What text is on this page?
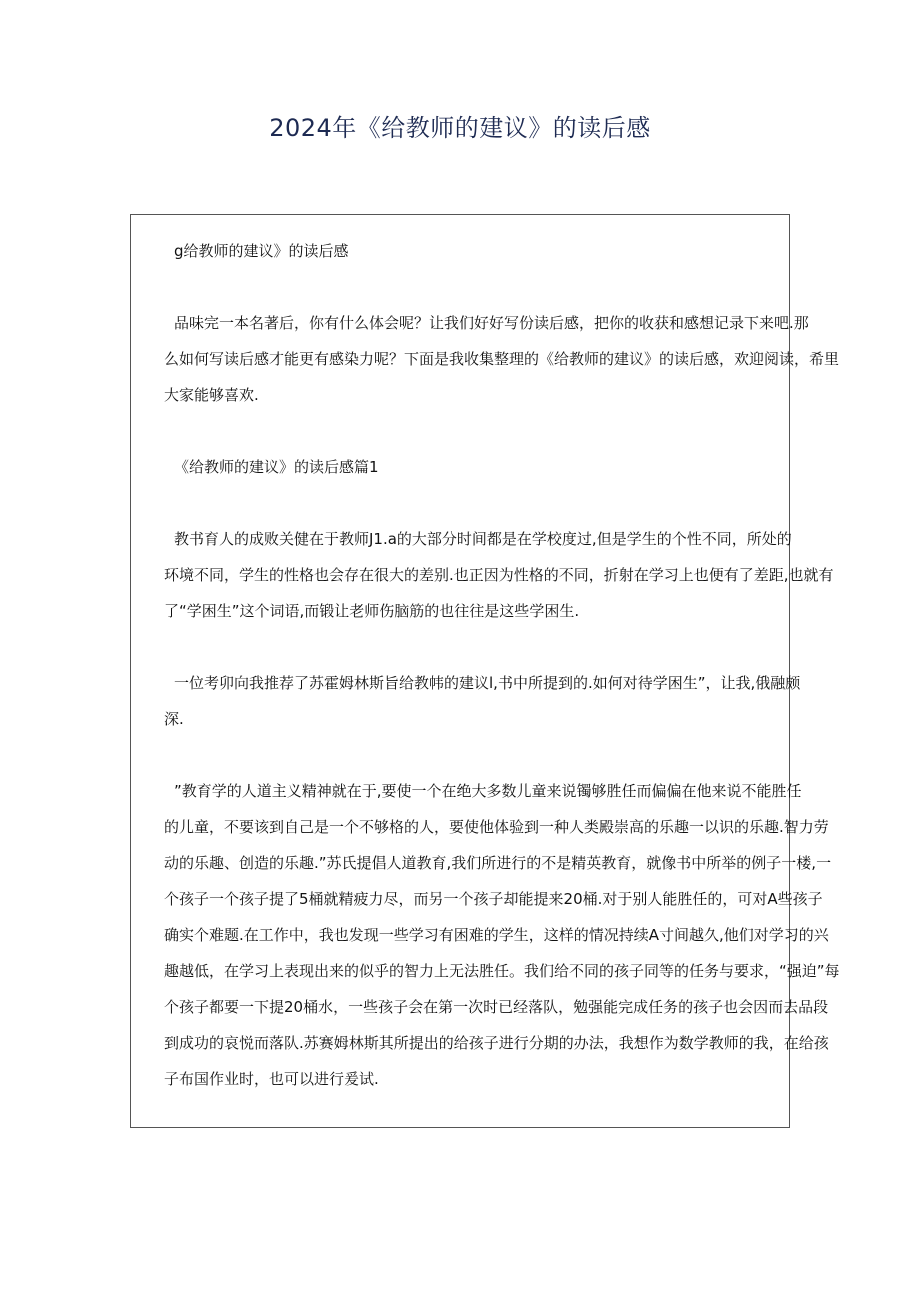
2024年《给教师的建议》的读后感
g给教师的建议》的读后感
品味完一本名著后，你有什么体会呢？让我们好好写份读后感，把你的收获和感想记录下来吧.那
么如何写读后感才能更有感染力呢？下面是我收集整理的《给教师的建议》的读后感，欢迎阅读，希里
大家能够喜欢.
《给教师的建议》的读后感篇1
教书育人的成败关健在于教师J1.a的大部分时间都是在学校度过,但是学生的个性不同，所处的
环境不同，学生的性格也会存在很大的差别.也正因为性格的不同，折射在学习上也便有了差距,也就有
了“学困生”这个词语,而锻让老师伤脑筋的也往往是这些学困生.
一位考卯向我推荐了苏霍姆林斯旨给教帏的建议l,书中所提到的.如何对待学困生”，让我,俄融颇
深.
”教育学的人道主义精神就在于,要使一个在绝大多数儿童来说镯够胜任而偏偏在他来说不能胜任
的儿童，不要该到自己是一个不够格的人，要使他体验到一种人类殿崇高的乐趣一以识的乐趣.智力劳
动的乐趣、创造的乐趣.”苏氏提倡人道教育,我们所进行的不是精英教育，就像书中所举的例子一楼,一
个孩子一个孩子提了5桶就精疲力尽，而另一个孩子却能提来20桶.对于别人能胜任的，可对A些孩子
确实个难题.在工作中，我也发现一些学习有困难的学生，这样的情况持续A寸间越久,他们对学习的兴
趣越低，在学习上表现出来的似乎的智力上无法胜任。我们给不同的孩子同等的任务与要求，“强迫”每
个孩子都要一下提20桶水，一些孩子会在第一次时已经落队，勉强能完成任务的孩子也会因而去品段
到成功的哀悦而落队.苏赛姆林斯其所提出的给孩子进行分期的办法，我想作为数学教师的我，在给孩
子布国作业时，也可以进行爰试.
